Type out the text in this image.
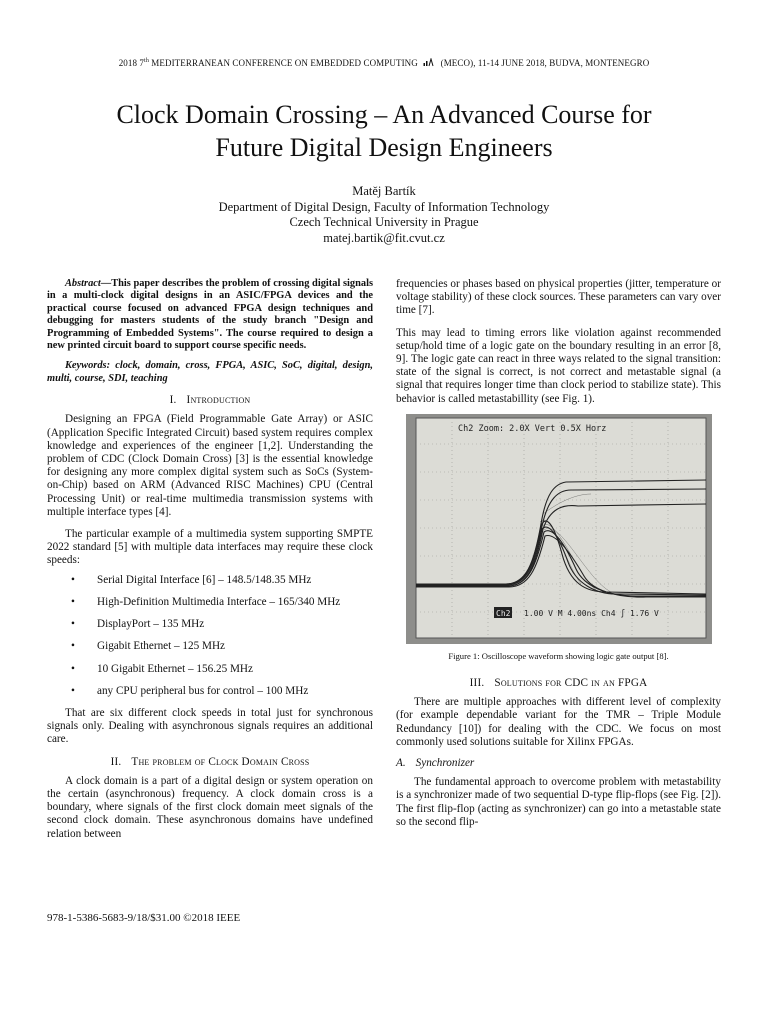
2018 7th MEDITERRANEAN CONFERENCE ON EMBEDDED COMPUTING	(MECO), 11-14 JUNE 2018, BUDVA, MONTENEGRO
Clock Domain Crossing – An Advanced Course for
Future Digital Design Engineers
Matěj Bartík
Department of Digital Design, Faculty of Information Technology
Czech Technical University in Prague
matej.bartik@fit.cvut.cz

Abstract—This paper describes the problem of crossing digital signals in a multi-clock digital designs in an ASIC/FPGA devices and the practical course focused on advanced FPGA design techniques and debugging for masters students of the study branch "Design and Programming of Embedded Systems". The course required to design a new printed circuit board to support course specific needs.

Keywords: clock, domain, cross, FPGA, ASIC, SoC, digital, design, multi, course, SDI, teaching

I. Introduction

Designing an FPGA (Field Programmable Gate Array) or ASIC (Application Specific Integrated Circuit) based system requires complex knowledge and experiences of the engineer [1,2]. Understanding the problem of CDC (Clock Domain Cross) [3] is the essential knowledge for designing any more complex digital system such as SoCs (System-on-Chip) based on ARM (Advanced RISC Machines) CPU (Central Processing Unit) or real-time multimedia transmission systems with multiple interface types [4].

The particular example of a multimedia system supporting SMPTE 2022 standard [5] with multiple data interfaces may require these clock speeds:

• Serial Digital Interface [6] – 148.5/148.35 MHz
• High-Definition Multimedia Interface – 165/340 MHz
• DisplayPort – 135 MHz
• Gigabit Ethernet – 125 MHz
• 10 Gigabit Ethernet – 156.25 MHz
• any CPU peripheral bus for control – 100 MHz

That are six different clock speeds in total just for synchronous signals only. Dealing with asynchronous signals requires an additional care.

II. The problem of Clock Domain Cross

A clock domain is a part of a digital design or system operation on the certain (asynchronous) frequency. A clock domain cross is a boundary, where signals of the first clock domain meet signals of the second clock domain. These asynchronous domains have undefined relation between

frequencies or phases based on physical properties (jitter, temperature or voltage stability) of these clock sources. These parameters can vary over time [7].

This may lead to timing errors like violation against recommended setup/hold time of a logic gate on the boundary resulting in an error [8, 9]. The logic gate can react in three ways related to the signal transition: state of the signal is correct, is not correct and metastable signal (a signal that requires longer time than clock period to stabilize state). This behavior is called metastabillity (see Fig. 1).

Ch2 Zoom: 2.0X Vert 0.5X Horz
Ch2 1.00 V M 4.00ns Ch4 ∫ 1.76 V
Figure 1: Oscilloscope waveform showing logic gate output [8].
III. Solutions for CDC in an FPGA

There are multiple approaches with different level of complexity (for example dependable variant for the TMR – Triple Module Redundancy [10]) for dealing with the CDC. We focus on most commonly used solutions suitable for Xilinx FPGAs.

A. Synchronizer

The fundamental approach to overcome problem with metastability is a synchronizer made of two sequential D-type flip-flops (see Fig. [2]). The first flip-flop (acting as synchronizer) can go into a metastable state so the second flip-

978-1-5386-5683-9/18/$31.00 ©2018 IEEE
